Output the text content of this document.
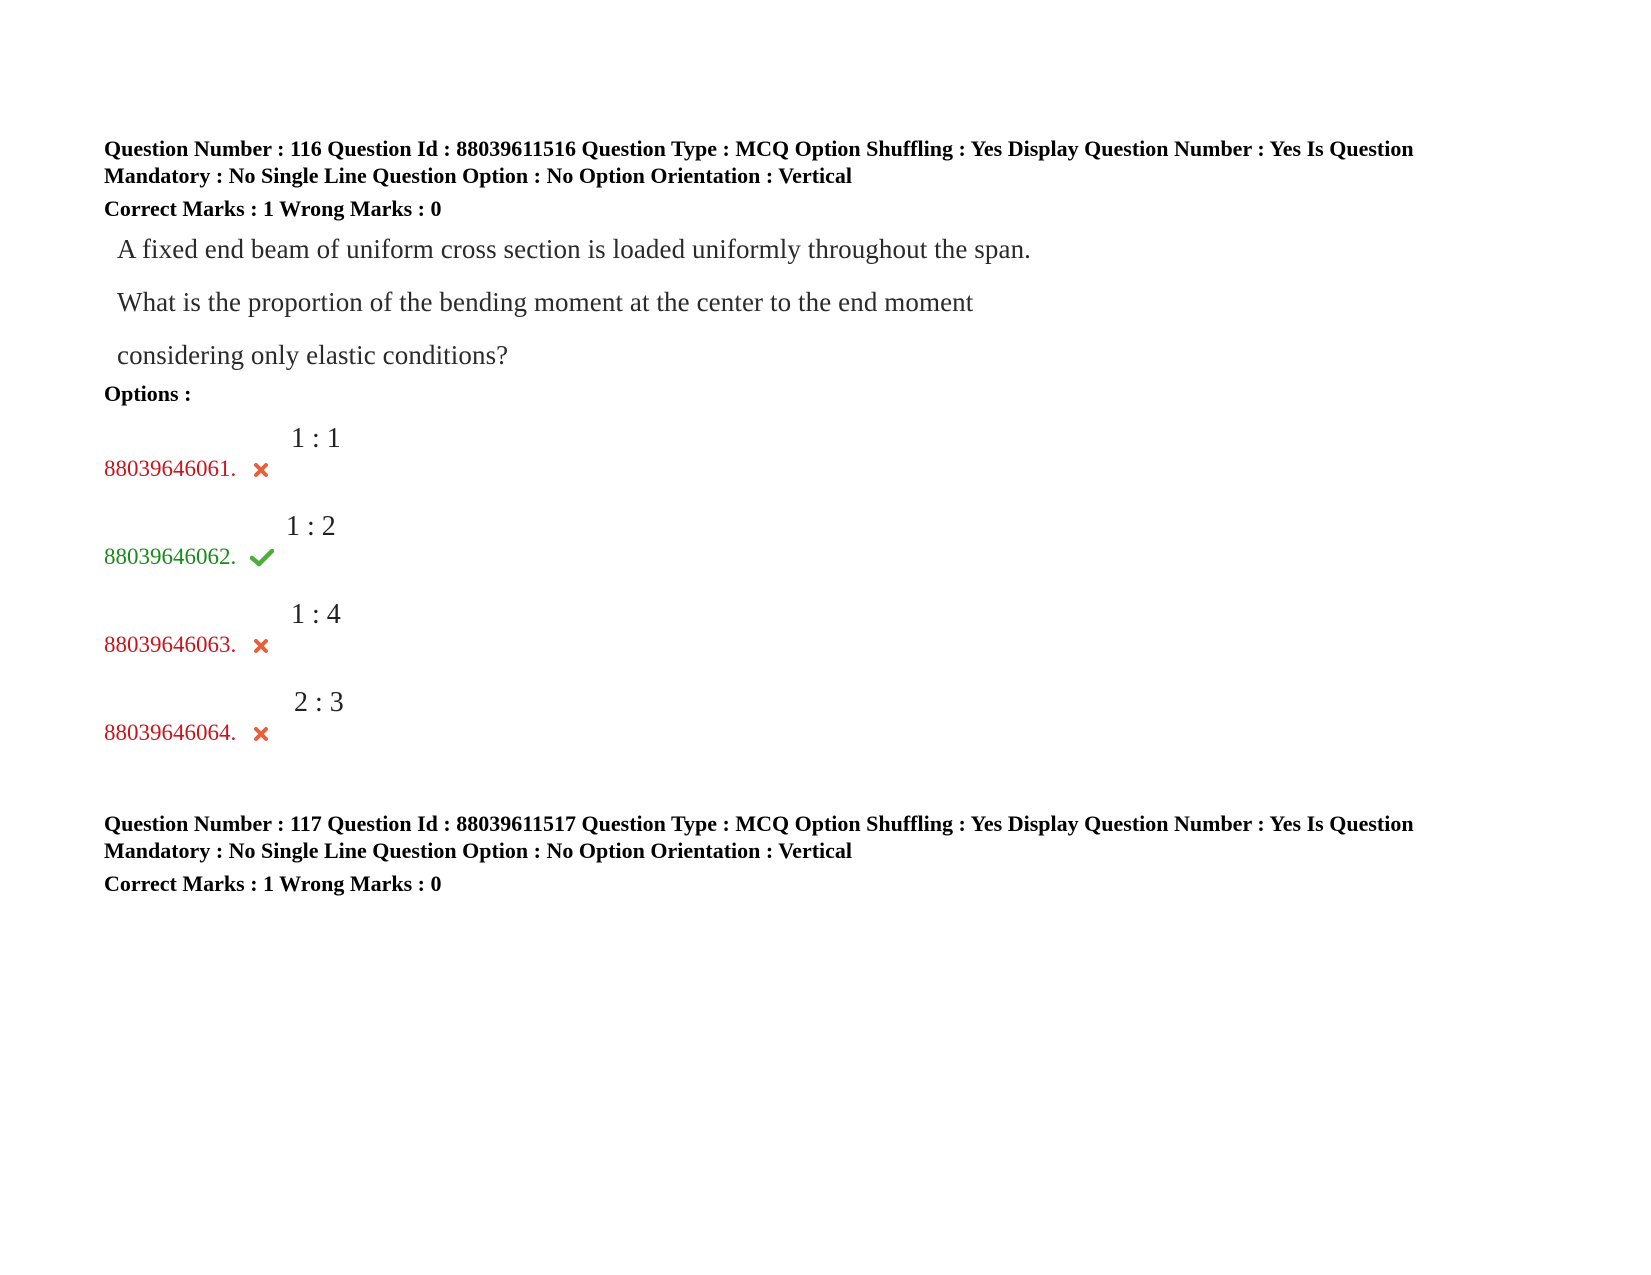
Question Number : 116 Question Id : 88039611516 Question Type : MCQ Option Shuffling : Yes Display Question Number : Yes Is Question
Mandatory : No Single Line Question Option : No Option Orientation : Vertical
Correct Marks : 1 Wrong Marks : 0
A fixed end beam of uniform cross section is loaded uniformly throughout the span.
What is the proportion of the bending moment at the center to the end moment
considering only elastic conditions?
Options :
88039646061.
1 : 1
88039646062.
1 : 2
88039646063.
1 : 4
88039646064.
2 : 3
Question Number : 117 Question Id : 88039611517 Question Type : MCQ Option Shuffling : Yes Display Question Number : Yes Is Question
Mandatory : No Single Line Question Option : No Option Orientation : Vertical
Correct Marks : 1 Wrong Marks : 0
